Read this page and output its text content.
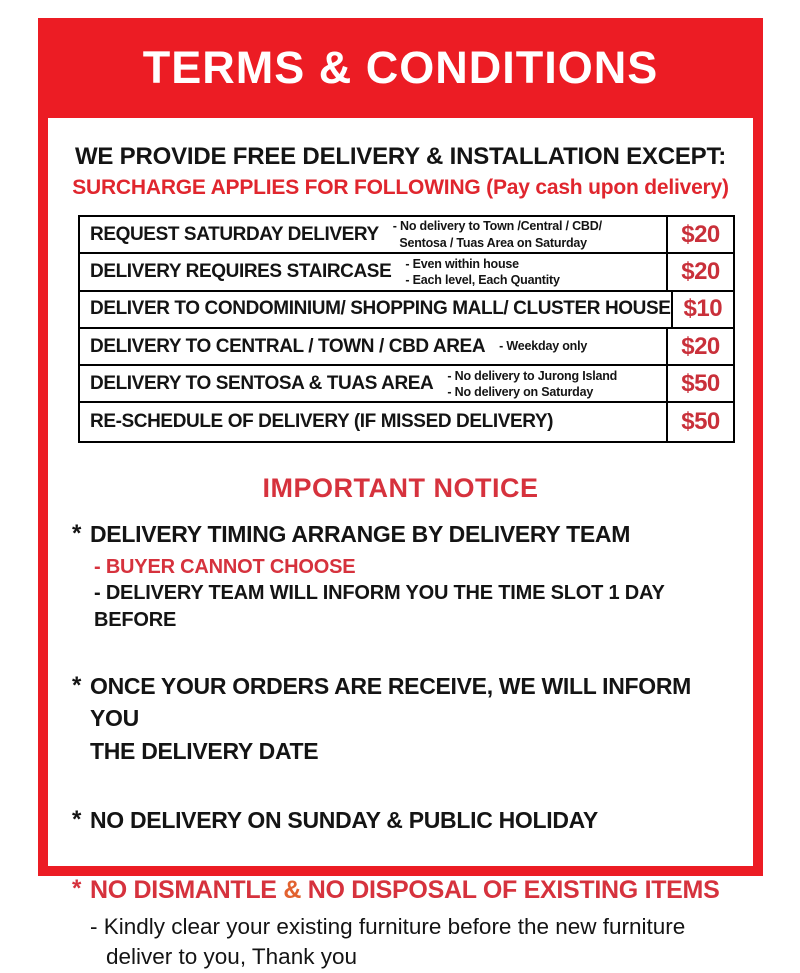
TERMS & CONDITIONS
WE PROVIDE FREE DELIVERY & INSTALLATION EXCEPT:
SURCHARGE APPLIES FOR FOLLOWING (Pay cash upon delivery)
REQUEST SATURDAY DELIVERY - No delivery to Town /Central / CBD/
Sentosa / Tuas Area on Saturday	$20
DELIVERY REQUIRES STAIRCASE - Even within house
- Each level, Each Quantity	$20
DELIVER TO CONDOMINIUM/ SHOPPING MALL/ CLUSTER HOUSE $10
DELIVERY TO CENTRAL / TOWN / CBD AREA - Weekday only	$20
DELIVERY TO SENTOSA & TUAS AREA - No delivery to Jurong Island
- No delivery on Saturday	$50
RE-SCHEDULE OF DELIVERY (IF MISSED DELIVERY)	$50
IMPORTANT NOTICE
* DELIVERY TIMING ARRANGE BY DELIVERY TEAM
- BUYER CANNOT CHOOSE
- DELIVERY TEAM WILL INFORM YOU THE TIME SLOT 1 DAY BEFORE
* ONCE YOUR ORDERS ARE RECEIVE, WE WILL INFORM YOU
THE DELIVERY DATE
* NO DELIVERY ON SUNDAY & PUBLIC HOLIDAY
* NO DISMANTLE & NO DISPOSAL OF EXISTING ITEMS
- Kindly clear your existing furniture before the new furniture
deliver to you, Thank you
